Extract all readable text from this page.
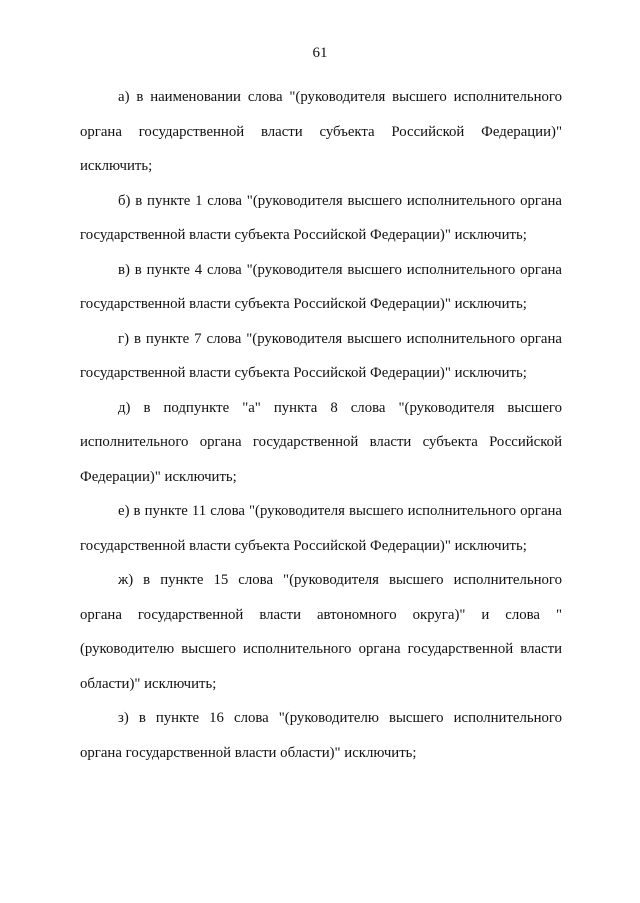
61

а) в наименовании слова "(руководителя высшего исполнительного органа государственной власти субъекта Российской Федерации)" исключить;

б) в пункте 1 слова "(руководителя высшего исполнительного органа государственной власти субъекта Российской Федерации)" исключить;

в) в пункте 4 слова "(руководителя высшего исполнительного органа государственной власти субъекта Российской Федерации)" исключить;

г) в пункте 7 слова "(руководителя высшего исполнительного органа государственной власти субъекта Российской Федерации)" исключить;

д) в подпункте "а" пункта 8 слова "(руководителя высшего исполнительного органа государственной власти субъекта Российской Федерации)" исключить;

е) в пункте 11 слова "(руководителя высшего исполнительного органа государственной власти субъекта Российской Федерации)" исключить;

ж) в пункте 15 слова "(руководителя высшего исполнительного органа государственной власти автономного округа)" и слова "(руководителю высшего исполнительного органа государственной власти области)" исключить;

з) в пункте 16 слова "(руководителю высшего исполнительного органа государственной власти области)" исключить;
